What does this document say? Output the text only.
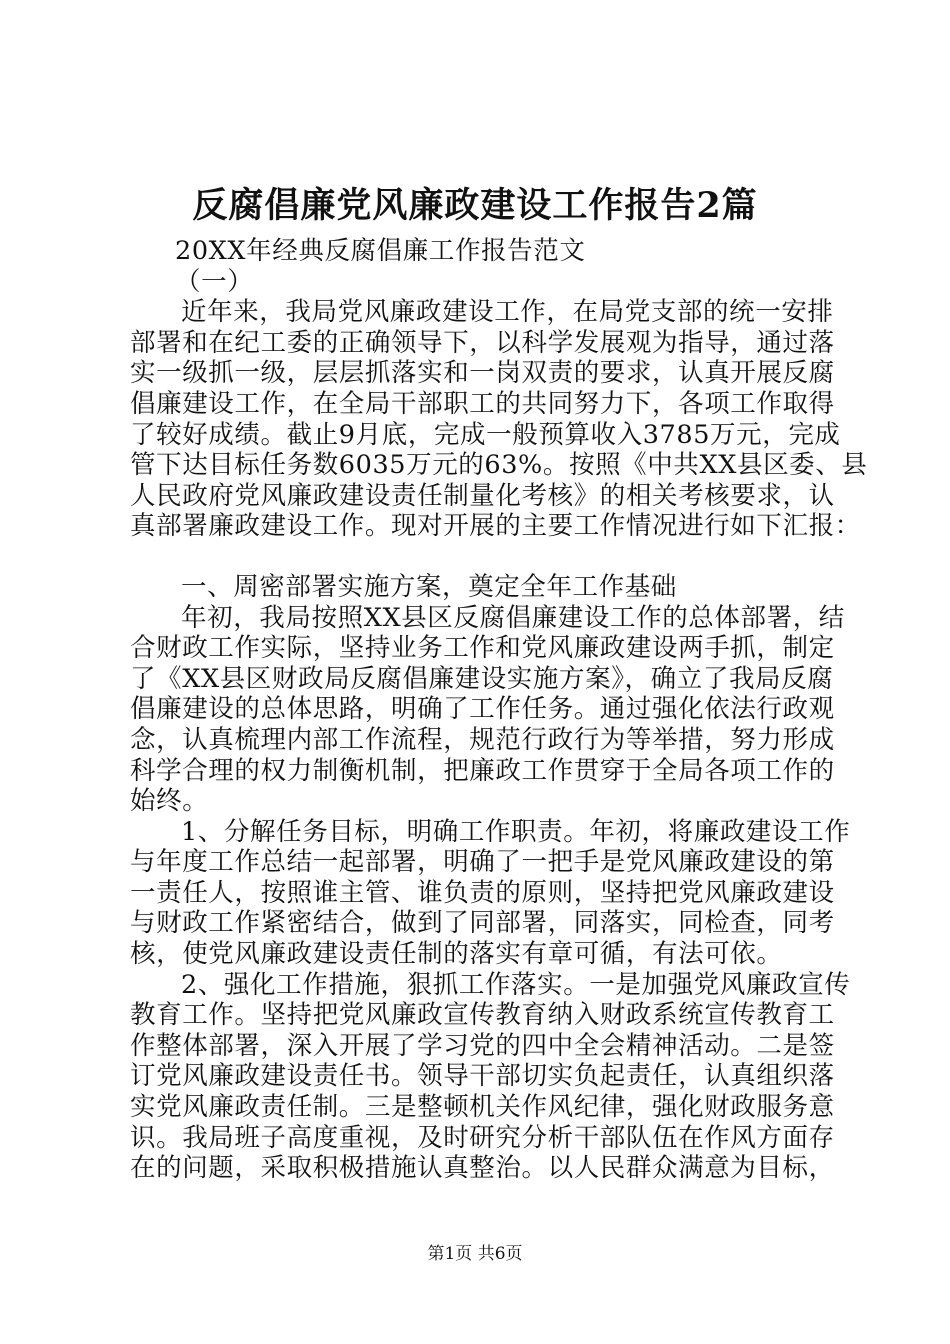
反腐倡廉党风廉政建设工作报告2篇
20XX年经典反腐倡廉工作报告范文
（一）
近年来，我局党风廉政建设工作，在局党支部的统一安排
部署和在纪工委的正确领导下，以科学发展观为指导，通过落
实一级抓一级，层层抓落实和一岗双责的要求，认真开展反腐
倡廉建设工作，在全局干部职工的共同努力下，各项工作取得
了较好成绩。截止9月底，完成一般预算收入3785万元，完成
管下达目标任务数6035万元的63%。按照《中共XX县区委、县
人民政府党风廉政建设责任制量化考核》的相关考核要求，认
真部署廉政建设工作。现对开展的主要工作情况进行如下汇报：
一、周密部署实施方案，奠定全年工作基础
年初，我局按照XX县区反腐倡廉建设工作的总体部署，结
合财政工作实际，坚持业务工作和党风廉政建设两手抓，制定
了《XX县区财政局反腐倡廉建设实施方案》，确立了我局反腐
倡廉建设的总体思路，明确了工作任务。通过强化依法行政观
念，认真梳理内部工作流程，规范行政行为等举措，努力形成
科学合理的权力制衡机制，把廉政工作贯穿于全局各项工作的
始终。
1、分解任务目标，明确工作职责。年初，将廉政建设工作
与年度工作总结一起部署，明确了一把手是党风廉政建设的第
一责任人，按照谁主管、谁负责的原则，坚持把党风廉政建设
与财政工作紧密结合，做到了同部署，同落实，同检查，同考
核，使党风廉政建设责任制的落实有章可循，有法可依。
2、强化工作措施，狠抓工作落实。一是加强党风廉政宣传
教育工作。坚持把党风廉政宣传教育纳入财政系统宣传教育工
作整体部署，深入开展了学习党的四中全会精神活动。二是签
订党风廉政建设责任书。领导干部切实负起责任，认真组织落
实党风廉政责任制。三是整顿机关作风纪律，强化财政服务意
识。我局班子高度重视，及时研究分析干部队伍在作风方面存
在的问题，采取积极措施认真整治。以人民群众满意为目标，
第1页 共6页
